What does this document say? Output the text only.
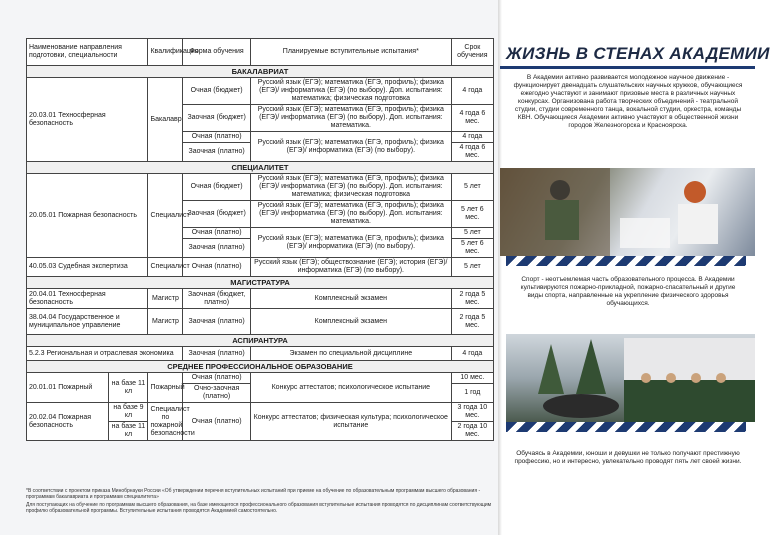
Наименование направления подготовки, специальности		Квалификация	Форма обучения	Планируемые вступительные испытания*	Срок обучения
БАКАЛАВРИАТ					
20.03.01 Техносферная безопасность		Бакалавр	Очная (бюджет)	Русский язык (ЕГЭ); математика (ЕГЭ, профиль); физика (ЕГЭ)/ информатика (ЕГЭ) (по выбору). Доп. испытания: математика; физическая подготовка	4 года
			Заочная (бюджет)	Русский язык (ЕГЭ); математика (ЕГЭ, профиль); физика (ЕГЭ)/ информатика (ЕГЭ) (по выбору). Доп. испытания: математика.	4 года 6 мес.
			Очная (платно)	Русский язык (ЕГЭ); математика (ЕГЭ, профиль); физика (ЕГЭ)/ информатика (ЕГЭ) (по выбору).	4 года
			Заочная (платно)		4 года 6 мес.
СПЕЦИАЛИТЕТ					
20.05.01 Пожарная безопасность		Специалист	Очная (бюджет)	Русский язык (ЕГЭ); математика (ЕГЭ, профиль); физика (ЕГЭ)/ информатика (ЕГЭ) (по выбору). Доп. испытания: математика; физическая подготовка	5 лет
			Заочная (бюджет)	Русский язык (ЕГЭ); математика (ЕГЭ, профиль); физика (ЕГЭ)/ информатика (ЕГЭ) (по выбору). Доп. испытания: математика.	5 лет 6 мес.
			Очная (платно)	Русский язык (ЕГЭ); математика (ЕГЭ, профиль); физика (ЕГЭ)/ информатика (ЕГЭ) (по выбору).	5 лет
			Заочная (платно)		5 лет 6 мес.
40.05.03 Судебная экспертиза		Специалист	Очная (платно)	Русский язык (ЕГЭ); обществознание (ЕГЭ); история (ЕГЭ)/ информатика (ЕГЭ) (по выбору).	5 лет
МАГИСТРАТУРА					
20.04.01 Техносферная безопасность		Магистр	Заочная (бюджет, платно)	Комплексный экзамен	2 года 5 мес.
38.04.04 Государственное и муниципальное управление		Магистр	Заочная (платно)	Комплексный экзамен	2 года 5 мес.
АСПИРАНТУРА					
5.2.3 Региональная и отраслевая экономика			Заочная (платно)	Экзамен по специальной дисциплине	4 года
СРЕДНЕЕ ПРОФЕССИОНАЛЬНОЕ ОБРАЗОВАНИЕ					
20.01.01 Пожарный	на базе 11 кл	Пожарный	Очная (платно)	Конкурс аттестатов; психологическое испытание	10 мес.
			Очно-заочная (платно)		1 год
20.02.04 Пожарная безопасность	на базе 9 кл	Специалист по пожарной безопасности	Очная (платно)	Конкурс аттестатов; физическая культура; психологическое испытание	3 года 10 мес.
	на базе 11 кл				2 года 10 мес.

*В соответствии с проектом приказа Минобрнауки России «Об утверждении перечня вступительных испытаний при приеме на обучение по образовательным программам высшего образования - программам бакалавриата и программам специалитета»

Для поступающих на обучение по программам высшего образования, на базе имеющегося профессионального образования вступительные испытания проводятся по дисциплинам соответствующим профилю образовательной программы. Вступительные испытания проводятся Академией самостоятельно.

ЖИЗНЬ В СТЕНАХ АКАДЕМИИ
В Академии активно развивается молодежное научное движение - функционирует двенадцать слушательских научных кружков, обучающиеся ежегодно участвуют и занимают призовые места в различных научных конкурсах. Организована работа творческих объединений - театральной студии, студии современного танца, вокальной студии, оркестра, команды КВН. Обучающиеся Академии активно участвуют в общественной жизни городов Железногорска и Красноярска.
Спорт - неотъемлемая часть образовательного процесса. В Академии культивируются пожарно-прикладной, пожарно-спасательный и другие виды спорта, направленные на укрепление физического здоровья обучающихся.
Обучаясь в Академии, юноши и девушки не только получают престижную профессию, но и интересно, увлекательно проводят пять лет своей жизни.
